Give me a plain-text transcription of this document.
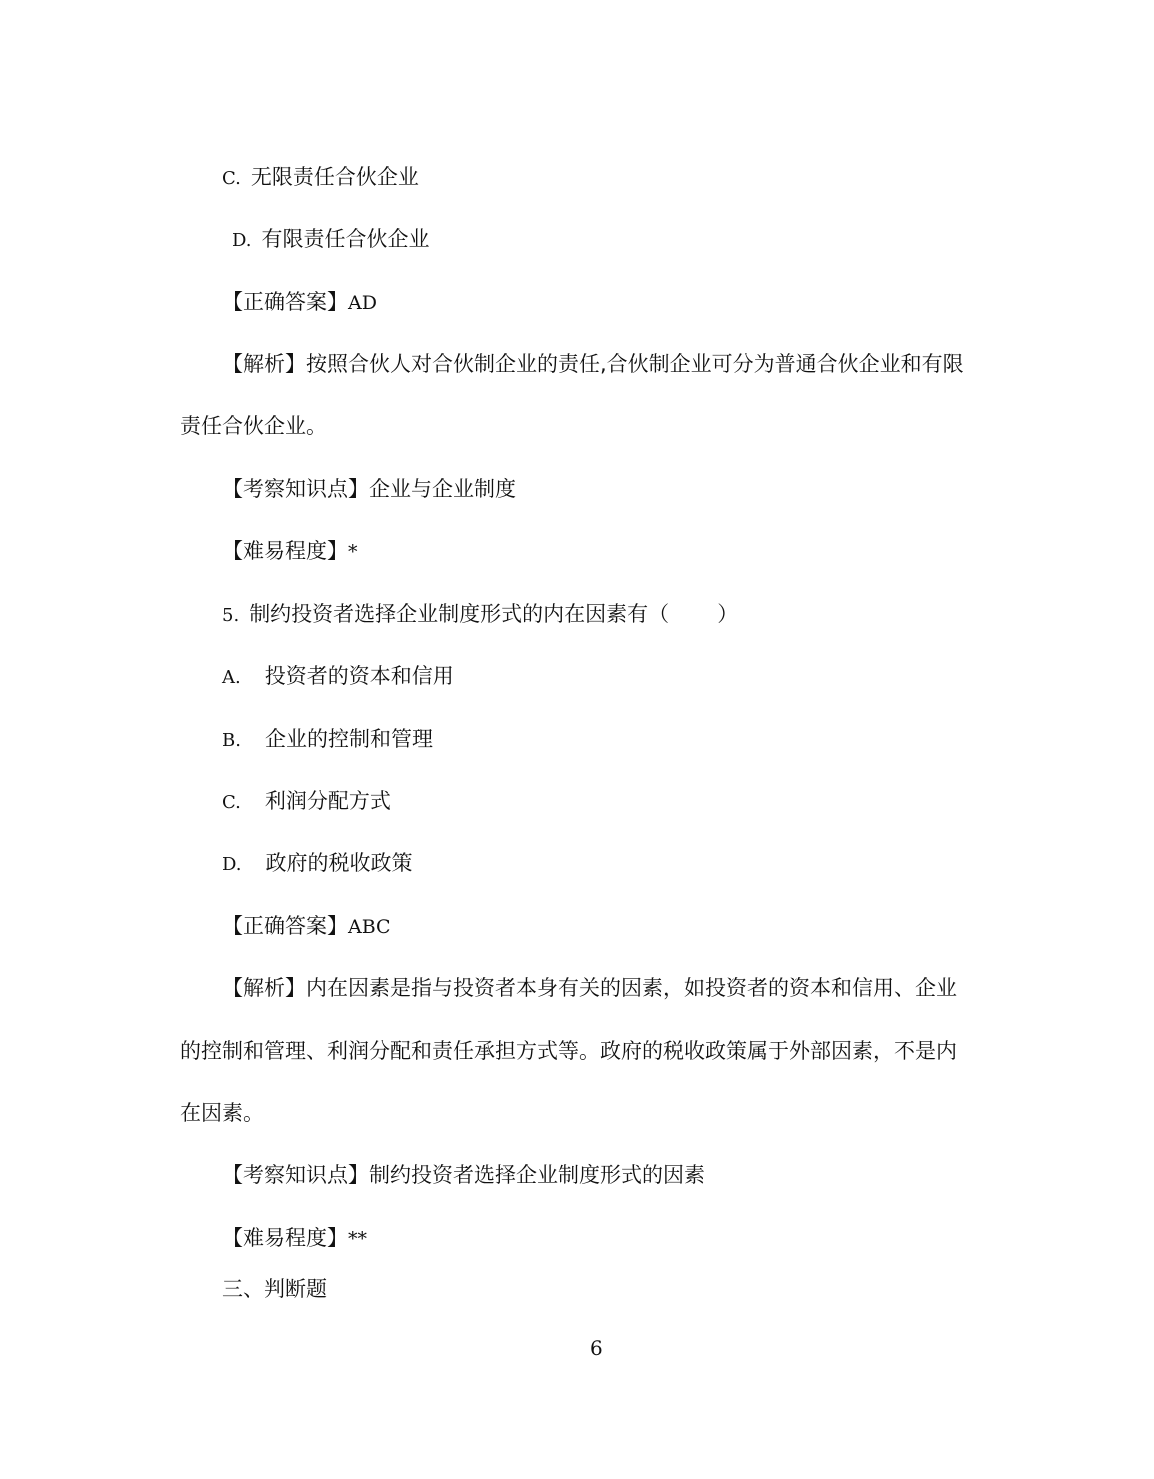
C. 无限责任合伙企业
D. 有限责任合伙企业
【正确答案】AD
【解析】按照合伙人对合伙制企业的责任,合伙制企业可分为普通合伙企业和有限
责任合伙企业。
【考察知识点】企业与企业制度
【难易程度】*
5. 制约投资者选择企业制度形式的内在因素有（ ）
A. 投资者的资本和信用
B. 企业的控制和管理
C. 利润分配方式
D. 政府的税收政策
【正确答案】ABC
【解析】内在因素是指与投资者本身有关的因素，如投资者的资本和信用、企业
的控制和管理、利润分配和责任承担方式等。政府的税收政策属于外部因素，不是内
在因素。
【考察知识点】制约投资者选择企业制度形式的因素
【难易程度】**
三、判断题
6
